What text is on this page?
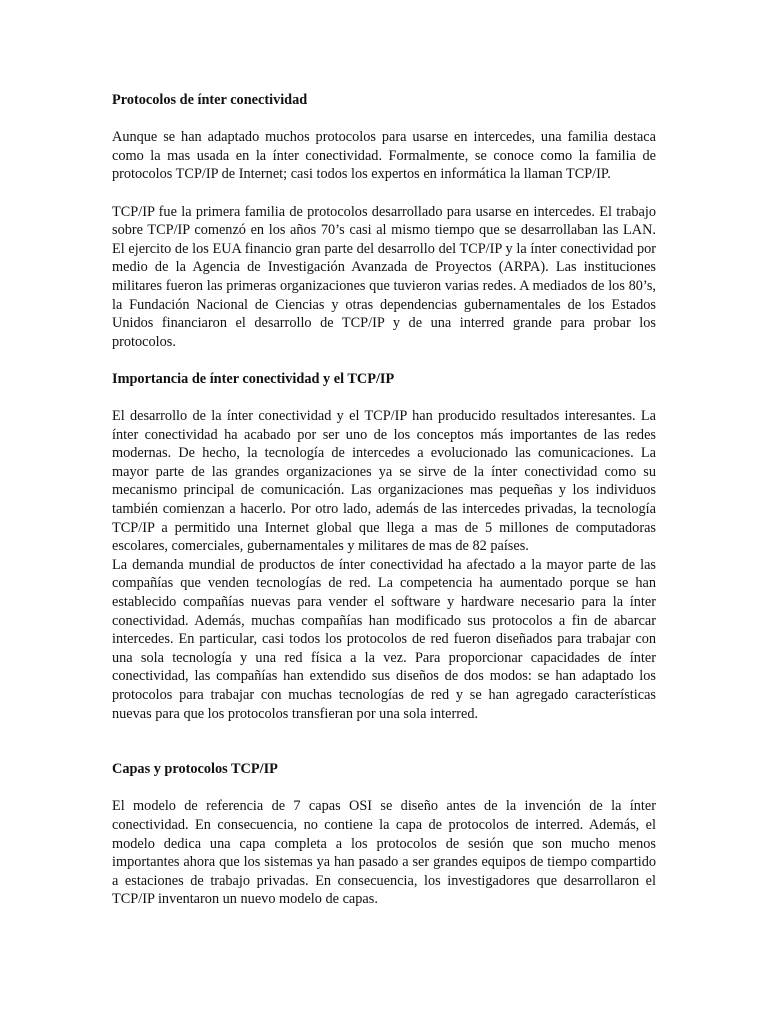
Protocolos de ínter conectividad

Aunque se han adaptado muchos protocolos para usarse en intercedes, una familia destaca como la mas usada en la ínter conectividad. Formalmente, se conoce como la familia de protocolos TCP/IP de Internet; casi todos los expertos en informática la llaman TCP/IP.

TCP/IP fue la primera familia de protocolos desarrollado para usarse en intercedes. El trabajo sobre TCP/IP comenzó en los años 70’s casi al mismo tiempo que se desarrollaban las LAN. El ejercito de los EUA financio gran parte del desarrollo del TCP/IP y la ínter conectividad por medio de la Agencia de Investigación Avanzada de Proyectos (ARPA). Las instituciones militares fueron las primeras organizaciones que tuvieron varias redes. A mediados de los 80’s, la Fundación Nacional de Ciencias y otras dependencias gubernamentales de los Estados Unidos financiaron el desarrollo de TCP/IP y de una interred grande para probar los protocolos.

Importancia de ínter conectividad y el TCP/IP

El desarrollo de la ínter conectividad y el TCP/IP han producido resultados interesantes. La ínter conectividad ha acabado por ser uno de los conceptos más importantes de las redes modernas. De hecho, la tecnología de intercedes a evolucionado las comunicaciones. La mayor parte de las grandes organizaciones ya se sirve de la ínter conectividad como su mecanismo principal de comunicación. Las organizaciones mas pequeñas y los individuos también comienzan a hacerlo. Por otro lado, además de las intercedes privadas, la tecnología TCP/IP a permitido una Internet global que llega a mas de 5 millones de computadoras escolares, comerciales, gubernamentales y militares de mas de 82 países.

La demanda mundial de productos de ínter conectividad ha afectado a la mayor parte de las compañías que venden tecnologías de red. La competencia ha aumentado porque se han establecido compañías nuevas para vender el software y hardware necesario para la ínter conectividad. Además, muchas compañías han modificado sus protocolos a fin de abarcar intercedes. En particular, casi todos los protocolos de red fueron diseñados para trabajar con una sola tecnología y una red física a la vez. Para proporcionar capacidades de ínter conectividad, las compañías han extendido sus diseños de dos modos: se han adaptado los protocolos para trabajar con muchas tecnologías de red y se han agregado características nuevas para que los protocolos transfieran por una sola interred.

Capas y protocolos TCP/IP

El modelo de referencia de 7 capas OSI se diseño antes de la invención de la ínter conectividad. En consecuencia, no contiene la capa de protocolos de interred. Además, el modelo dedica una capa completa a los protocolos de sesión que son mucho menos importantes ahora que los sistemas ya han pasado a ser grandes equipos de tiempo compartido a estaciones de trabajo privadas. En consecuencia, los investigadores que desarrollaron el TCP/IP inventaron un nuevo modelo de capas.
